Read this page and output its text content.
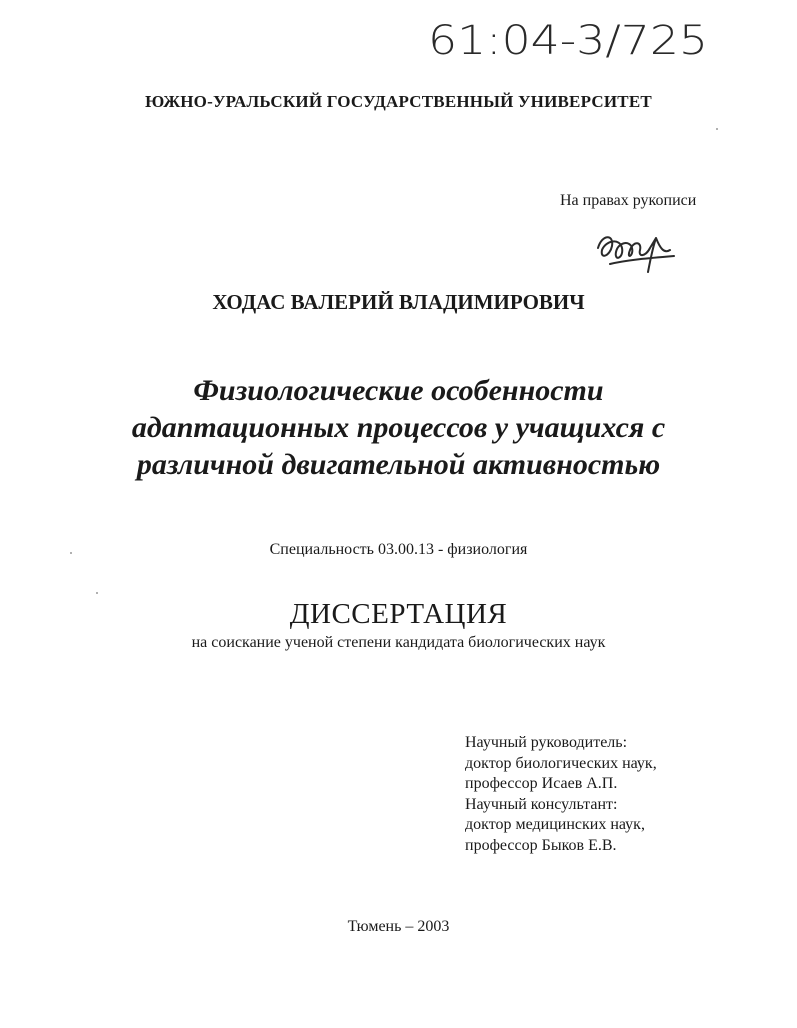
61:04-3/725

ЮЖНО-УРАЛЬСКИЙ ГОСУДАРСТВЕННЫЙ УНИВЕРСИТЕТ

На правах рукописи

ХОДАС ВАЛЕРИЙ ВЛАДИМИРОВИЧ

Физиологические особенности
адаптационных процессов у учащихся с
различной двигательной активностью

Специальность 03.00.13 - физиология

ДИССЕРТАЦИЯ

на соискание ученой степени кандидата биологических наук

Научный руководитель:
доктор биологических наук,
профессор Исаев А.П.
Научный консультант:
доктор медицинских наук,
профессор Быков Е.В.

Тюмень – 2003
